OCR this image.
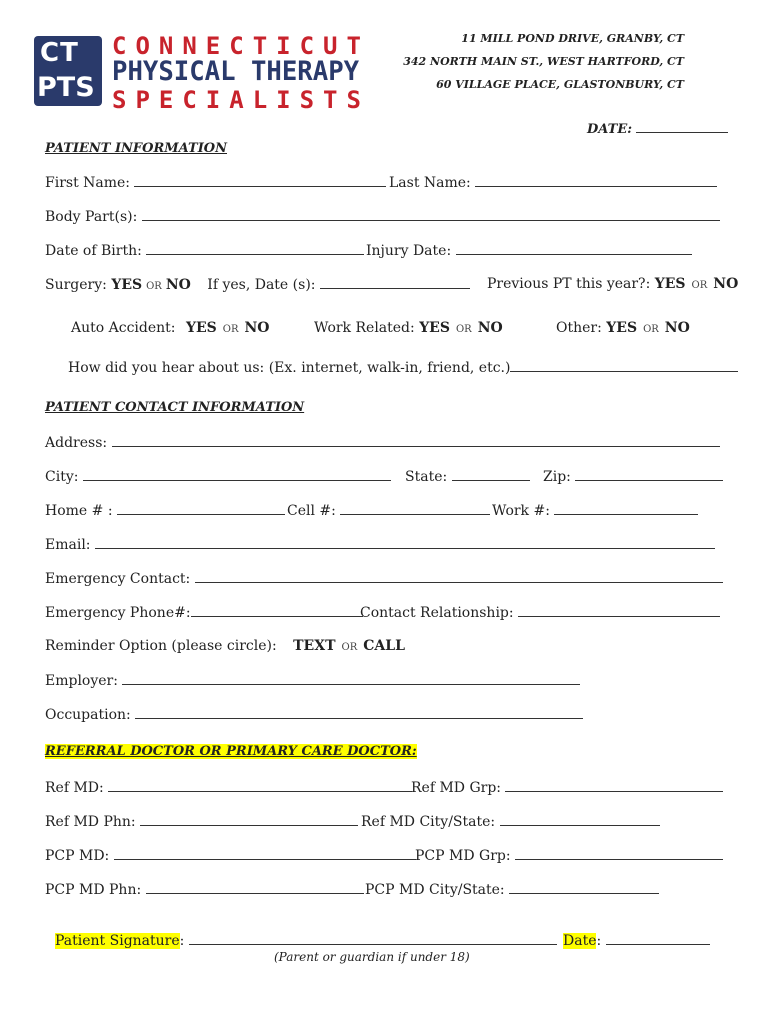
CT
PTS
CONNECTICUT
PHYSICAL THERAPY
SPECIALISTS
11 MILL POND DRIVE, GRANBY, CT
342 NORTH MAIN ST., WEST HARTFORD, CT
60 VILLAGE PLACE, GLASTONBURY, CT
DATE:
PATIENT INFORMATION
First Name:	Last Name:
Body Part(s):
Date of Birth:	Injury Date:
Surgery: YES OR NO If yes, Date (s):	Previous PT this year?: YES OR NO
Auto Accident: YES OR NO	Work Related: YES OR NO	Other: YES OR NO
How did you hear about us: (Ex. internet, walk-in, friend, etc.)
PATIENT CONTACT INFORMATION
Address:
City:	State:	Zip:
Home # :	Cell #:	Work #:
Email:
Emergency Contact:
Emergency Phone#:	Contact Relationship:
Reminder Option (please circle): TEXT OR CALL
Employer:
Occupation:
REFERRAL DOCTOR OR PRIMARY CARE DOCTOR:
Ref MD:	Ref MD Grp:
Ref MD Phn:	Ref MD City/State:
PCP MD:	PCP MD Grp:
PCP MD Phn:	PCP MD City/State:
Patient Signature:	Date:
(Parent or guardian if under 18)
